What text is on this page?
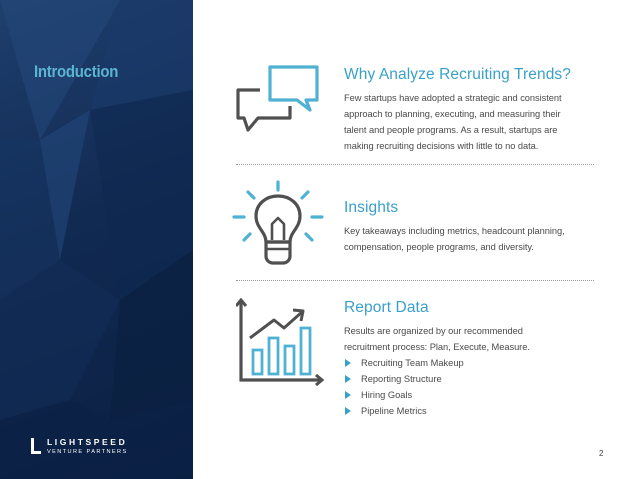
Introduction
LIGHTSPEED
VENTURE PARTNERS
Why Analyze Recruiting Trends?

Few startups have adopted a strategic and consistent
approach to planning, executing, and measuring their
talent and people programs. As a result, startups are
making recruiting decisions with little to no data.

Insights

Key takeaways including metrics, headcount planning,
compensation, people programs, and diversity.

Report Data

Results are organized by our recommended
recruitment process: Plan, Execute, Measure.

Recruiting Team Makeup
Reporting Structure
Hiring Goals
Pipeline Metrics
2
